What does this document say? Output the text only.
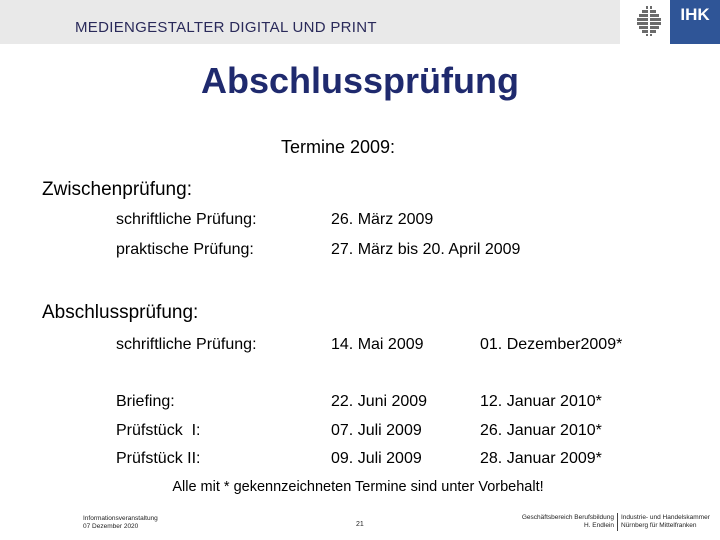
MEDIENGESTALTER DIGITAL UND PRINT
IHK
Abschlussprüfung
Termine 2009:
Zwischenprüfung:
schriftliche Prüfung:	26. März 2009
praktische Prüfung:	27. März bis 20. April 2009
Abschlussprüfung:
schriftliche Prüfung:	14. Mai 2009	01. Dezember2009*
Briefing:	22. Juni 2009	12. Januar 2010*
Prüfstück  I:	07. Juli 2009	26. Januar 2010*
Prüfstück II:	09. Juli 2009	28. Januar 2009*
Alle mit * gekennzeichneten Termine sind unter Vorbehalt!
Informationsveranstaltung
07 Dezember 2020	21
Geschäftsbereich Berufsbildung
H. Endlein
Industrie- und Handelskammer
Nürnberg für Mittelfranken
